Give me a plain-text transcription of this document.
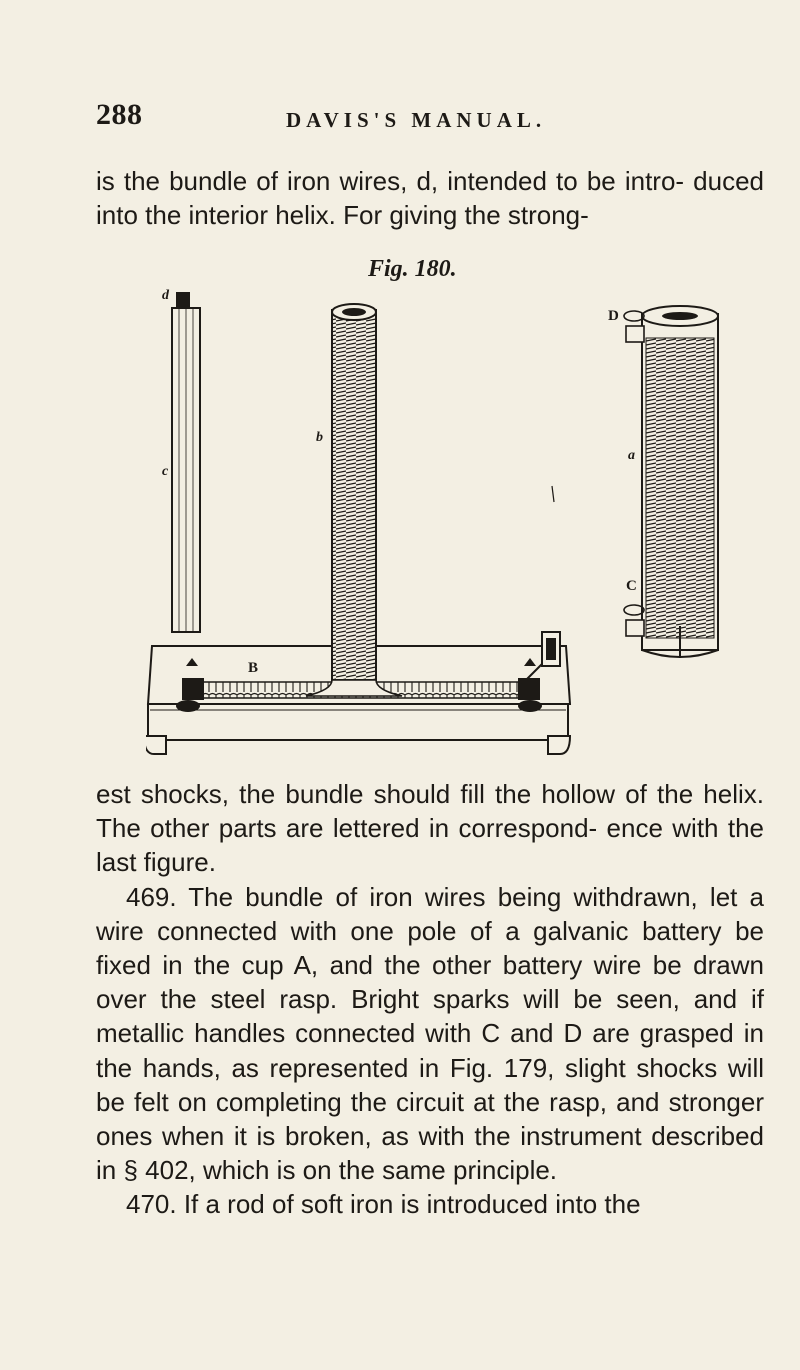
288	DAVIS'S MANUAL.

is the bundle of iron wires, d, intended to be intro- duced into the interior helix. For giving the strong-

Fig. 180.
d
c
b
a
B
D
C

est shocks, the bundle should fill the hollow of the helix. The other parts are lettered in correspond- ence with the last figure.

469. The bundle of iron wires being withdrawn, let a wire connected with one pole of a galvanic battery be fixed in the cup A, and the other battery wire be drawn over the steel rasp. Bright sparks will be seen, and if metallic handles connected with C and D are grasped in the hands, as represented in Fig. 179, slight shocks will be felt on completing the circuit at the rasp, and stronger ones when it is broken, as with the instrument described in § 402, which is on the same principle.

470. If a rod of soft iron is introduced into the
